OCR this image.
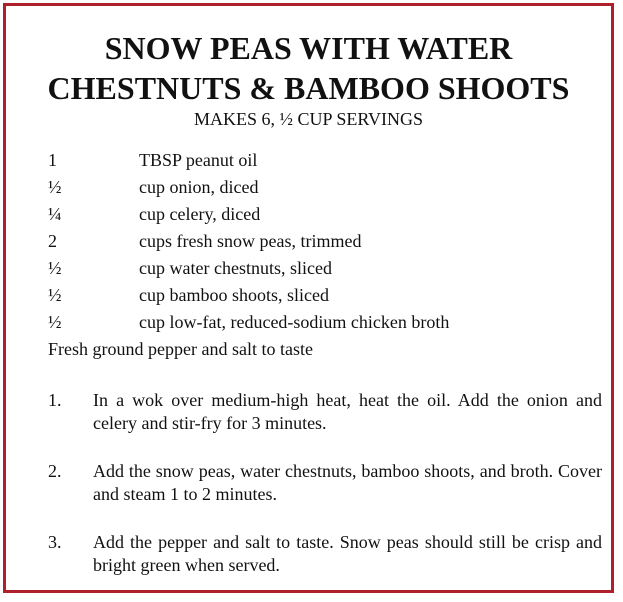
SNOW PEAS WITH WATER
CHESTNUTS & BAMBOO SHOOTS
MAKES 6, ½ CUP SERVINGS
1	TBSP peanut oil
½	cup onion, diced
¼	cup celery, diced
2	cups fresh snow peas, trimmed
½	cup water chestnuts, sliced
½	cup bamboo shoots, sliced
½	cup low-fat, reduced-sodium chicken broth
Fresh ground pepper and salt to taste
1. In a wok over medium-high heat, heat the oil. Add the onion and celery and stir-fry for 3 minutes.
2. Add the snow peas, water chestnuts, bamboo shoots, and broth. Cover and steam 1 to 2 minutes.
3. Add the pepper and salt to taste. Snow peas should still be crisp and bright green when served.
